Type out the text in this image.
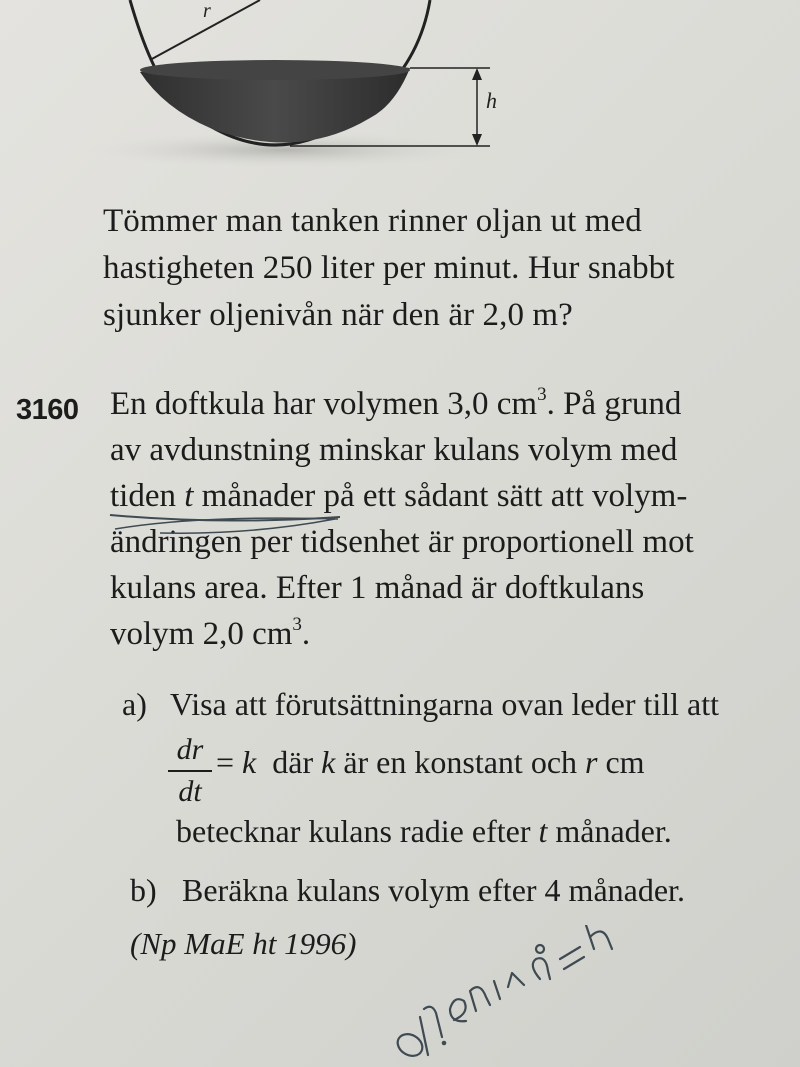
r
h
Tömmer man tanken rinner oljan ut med
hastigheten 250 liter per minut. Hur snabbt
sjunker oljenivån när den är 2,0 m?
3160 En doftkula har volymen 3,0 $cm^3$. På grund
av avdunstning minskar kulans volym med
tiden t månader på ett sådant sätt att volym-
ändringen per tidsenhet är proportionell mot
kulans area. Efter 1 månad är doftkulans
volym 2,0 $cm^3$.
a) Visa att förutsättningarna ovan leder till att
dr
dt
= k  där k är en konstant och r cm
betecknar kulans radie efter t månader.
b) Beräkna kulans volym efter 4 månader.
(Np MaE ht 1996)
